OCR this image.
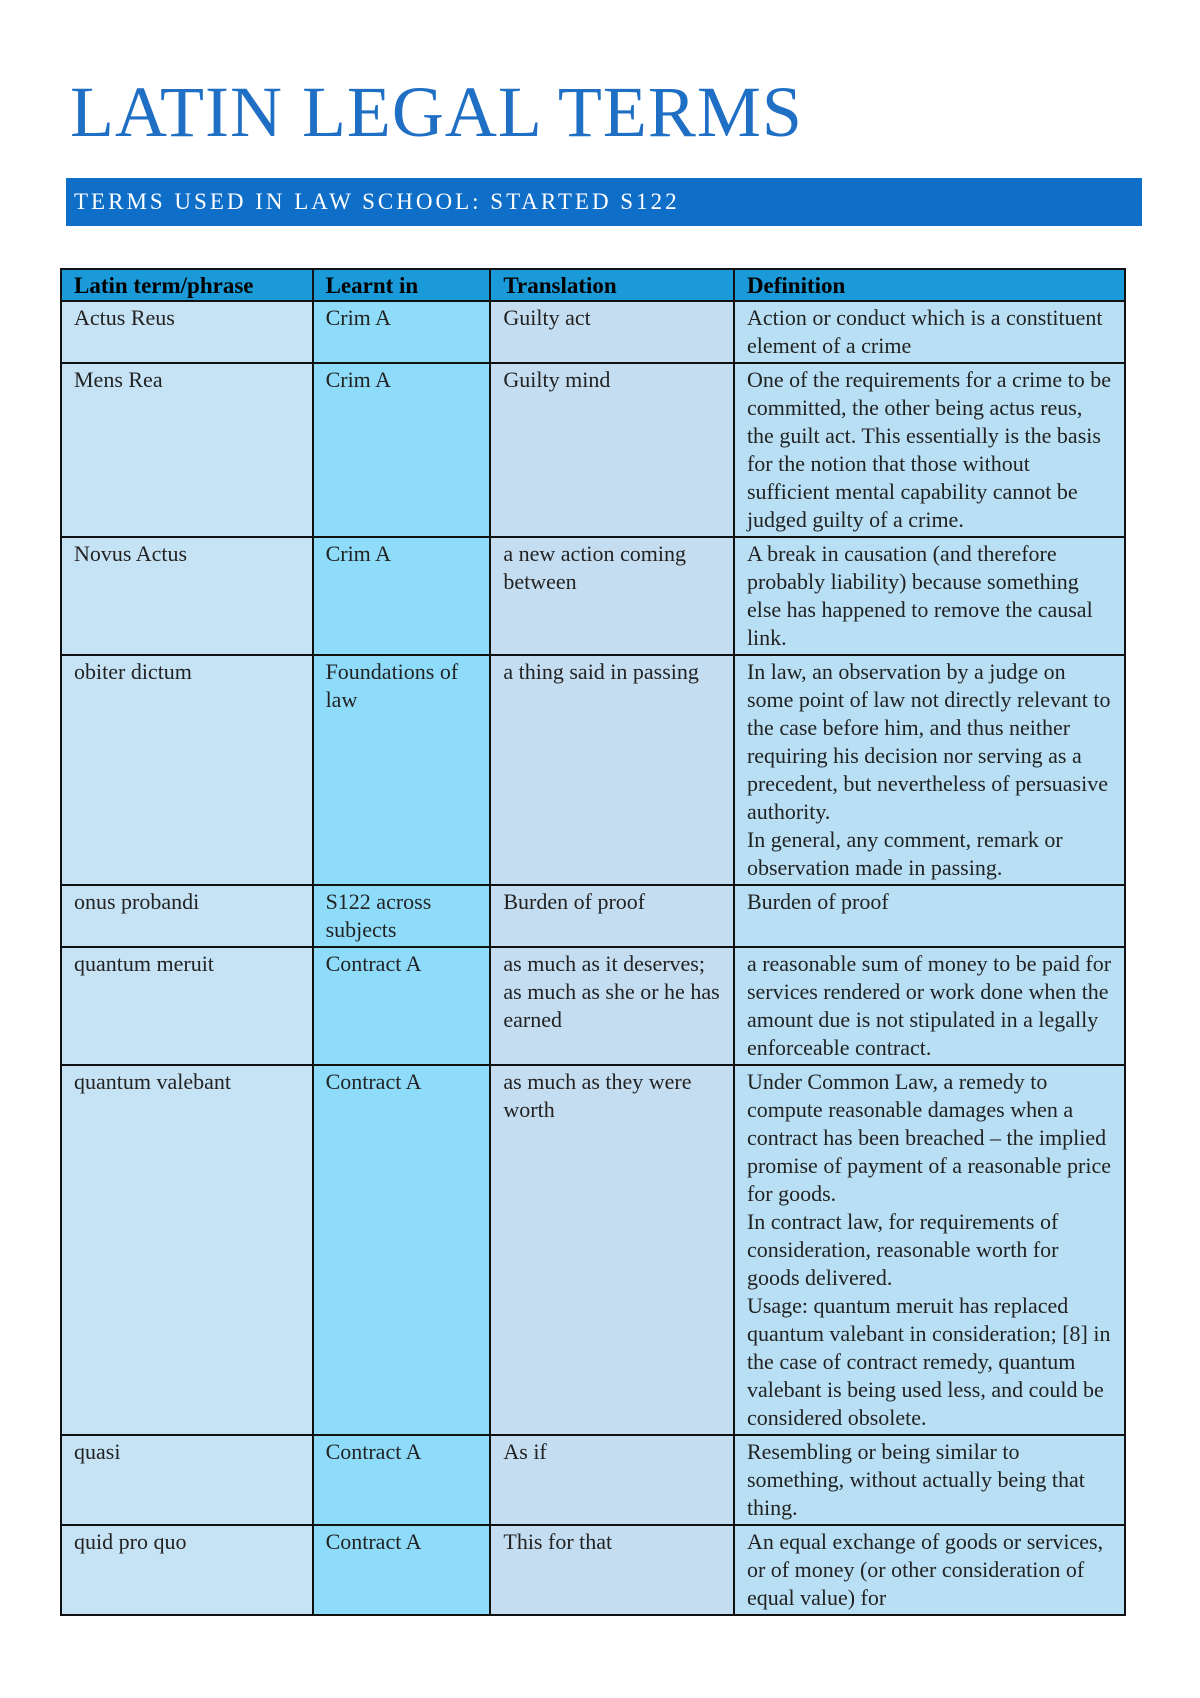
LATIN LEGAL TERMS
TERMS USED IN LAW SCHOOL: STARTED S122
Latin term/phrase	Learnt in	Translation	Definition
Actus Reus	Crim A	Guilty act	Action or conduct which is a constituent element of a crime

Mens Rea	Crim A	Guilty mind	One of the requirements for a crime to be committed, the other being actus reus, the guilt act. This essentially is the basis for the notion that those without sufficient mental capability cannot be judged guilty of a crime.

Novus Actus	Crim A	a new action coming between	A break in causation (and therefore probably liability) because something else has happened to remove the causal link.

obiter dictum	Foundations of law	a thing said in passing	In law, an observation by a judge on some point of law not directly relevant to the case before him, and thus neither requiring his decision nor serving as a precedent, but nevertheless of persuasive authority.
In general, any comment, remark or observation made in passing.

onus probandi	S122 across subjects	Burden of proof	Burden of proof

quantum meruit	Contract A	as much as it deserves; as much as she or he has earned	a reasonable sum of money to be paid for services rendered or work done when the amount due is not stipulated in a legally enforceable contract.

quantum valebant	Contract A	as much as they were worth	Under Common Law, a remedy to compute reasonable damages when a contract has been breached – the implied promise of payment of a reasonable price for goods.
In contract law, for requirements of consideration, reasonable worth for goods delivered.
Usage: quantum meruit has replaced quantum valebant in consideration; [8] in the case of contract remedy, quantum valebant is being used less, and could be considered obsolete.

quasi	Contract A	As if	Resembling or being similar to something, without actually being that thing.

quid pro quo	Contract A	This for that	An equal exchange of goods or services, or of money (or other consideration of equal value) for
